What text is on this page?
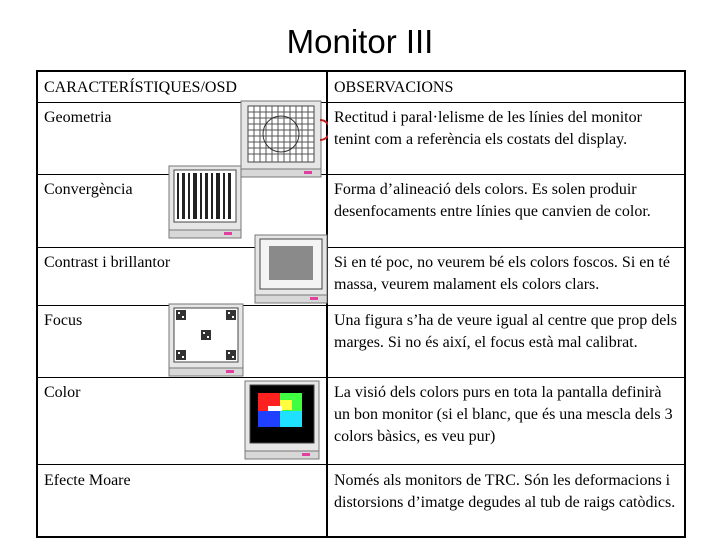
Monitor III
CARACTERÍSTIQUES/OSD	OBSERVACIONS
Geometria	Rectitud i paral·lelisme de les línies del monitor tenint com a referència els costats del display.
Convergència	Forma d’alineació dels colors. Es solen produir desenfocaments entre línies que canvien de color.
Contrast i brillantor	Si en té poc, no veurem bé els colors foscos. Si en té massa, veurem malament els colors clars.
Focus	Una figura s’ha de veure igual al centre que prop dels marges. Si no és així, el focus està mal calibrat.
Color	La visió dels colors purs en tota la pantalla definirà un bon monitor (si el blanc, que és una mescla dels 3 colors bàsics, es veu pur)
Efecte Moare	Només als monitors de TRC. Són les deformacions i distorsions d’imatge degudes al tub de raigs catòdics.
